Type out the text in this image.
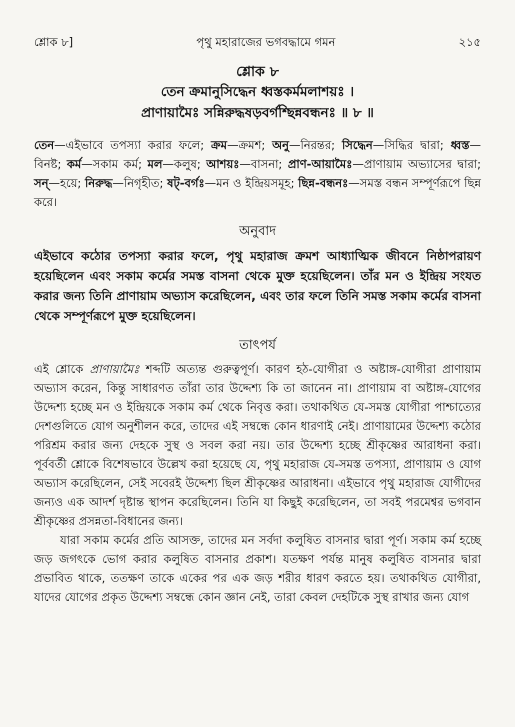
শ্লোক ৮]	পৃথু মহারাজের ভগবদ্ধামে গমন	২১৫
শ্লোক ৮
তেন ক্রমানুসিদ্ধেন ধ্বস্তকর্মমলাশয়ঃ ।
প্রাণায়ামৈঃ সন্নিরুদ্ধষড়বর্গশ্ছিন্নবন্ধনঃ ॥ ৮ ॥
তেন—এইভাবে তপস্যা করার ফলে; ক্রম—ক্রমশ; অনু—নিরন্তর; সিদ্ধেন—সিদ্ধির দ্বারা; ধ্বস্ত—বিনষ্ট; কর্ম—সকাম কর্ম; মল—কলুষ; আশয়ঃ—বাসনা; প্রাণ-আয়ামৈঃ—প্রাণায়াম অভ্যাসের দ্বারা; সন্—হয়ে; নিরুদ্ধ—নিগৃহীত; ষট্-বর্গঃ—মন ও ইন্দ্রিয়সমূহ; ছিন্ন-বন্ধনঃ—সমস্ত বন্ধন সম্পূর্ণরূপে ছিন্ন করে।
অনুবাদ
এইভাবে কঠোর তপস্যা করার ফলে, পৃথু মহারাজ ক্রমশ আধ্যাত্মিক জীবনে নিষ্ঠাপরায়ণ হয়েছিলেন এবং সকাম কর্মের সমস্ত বাসনা থেকে মুক্ত হয়েছিলেন। তাঁর মন ও ইন্দ্রিয় সংযত করার জন্য তিনি প্রাণায়াম অভ্যাস করেছিলেন, এবং তার ফলে তিনি সমস্ত সকাম কর্মের বাসনা থেকে সম্পূর্ণরূপে মুক্ত হয়েছিলেন।
তাৎপর্য

এই শ্লোকে প্রাণায়ামৈঃ শব্দটি অত্যন্ত গুরুত্বপূর্ণ। কারণ হঠ-যোগীরা ও অষ্টাঙ্গ-যোগীরা প্রাণায়াম অভ্যাস করেন, কিন্তু সাধারণত তাঁরা তার উদ্দেশ্য কি তা জানেন না। প্রাণায়াম বা অষ্টাঙ্গ-যোগের উদ্দেশ্য হচ্ছে মন ও ইন্দ্রিয়কে সকাম কর্ম থেকে নিবৃত্ত করা। তথাকথিত যে-সমস্ত যোগীরা পাশ্চাত্যের দেশগুলিতে যোগ অনুশীলন করে, তাদের এই সম্বন্ধে কোন ধারণাই নেই। প্রাণায়ামের উদ্দেশ্য কঠোর পরিশ্রম করার জন্য দেহকে সুস্থ ও সবল করা নয়। তার উদ্দেশ্য হচ্ছে শ্রীকৃষ্ণের আরাধনা করা। পূর্ববর্তী শ্লোকে বিশেষভাবে উল্লেখ করা হয়েছে যে, পৃথু মহারাজ যে-সমস্ত তপস্যা, প্রাণায়াম ও যোগ অভ্যাস করেছিলেন, সেই সবেরই উদ্দেশ্য ছিল শ্রীকৃষ্ণের আরাধনা। এইভাবে পৃথু মহারাজ যোগীদের জন্যও এক আদর্শ দৃষ্টান্ত স্থাপন করেছিলেন। তিনি যা কিছুই করেছিলেন, তা সবই পরমেশ্বর ভগবান শ্রীকৃষ্ণের প্রসন্নতা-বিধানের জন্য।

যারা সকাম কর্মের প্রতি আসক্ত, তাদের মন সর্বদা কলুষিত বাসনার দ্বারা পূর্ণ। সকাম কর্ম হচ্ছে জড় জগৎকে ভোগ করার কলুষিত বাসনার প্রকাশ। যতক্ষণ পর্যন্ত মানুষ কলুষিত বাসনার দ্বারা প্রভাবিত থাকে, ততক্ষণ তাকে একের পর এক জড় শরীর ধারণ করতে হয়। তথাকথিত যোগীরা, যাদের যোগের প্রকৃত উদ্দেশ্য সম্বন্ধে কোন জ্ঞান নেই, তারা কেবল দেহটিকে সুস্থ রাখার জন্য যোগ
